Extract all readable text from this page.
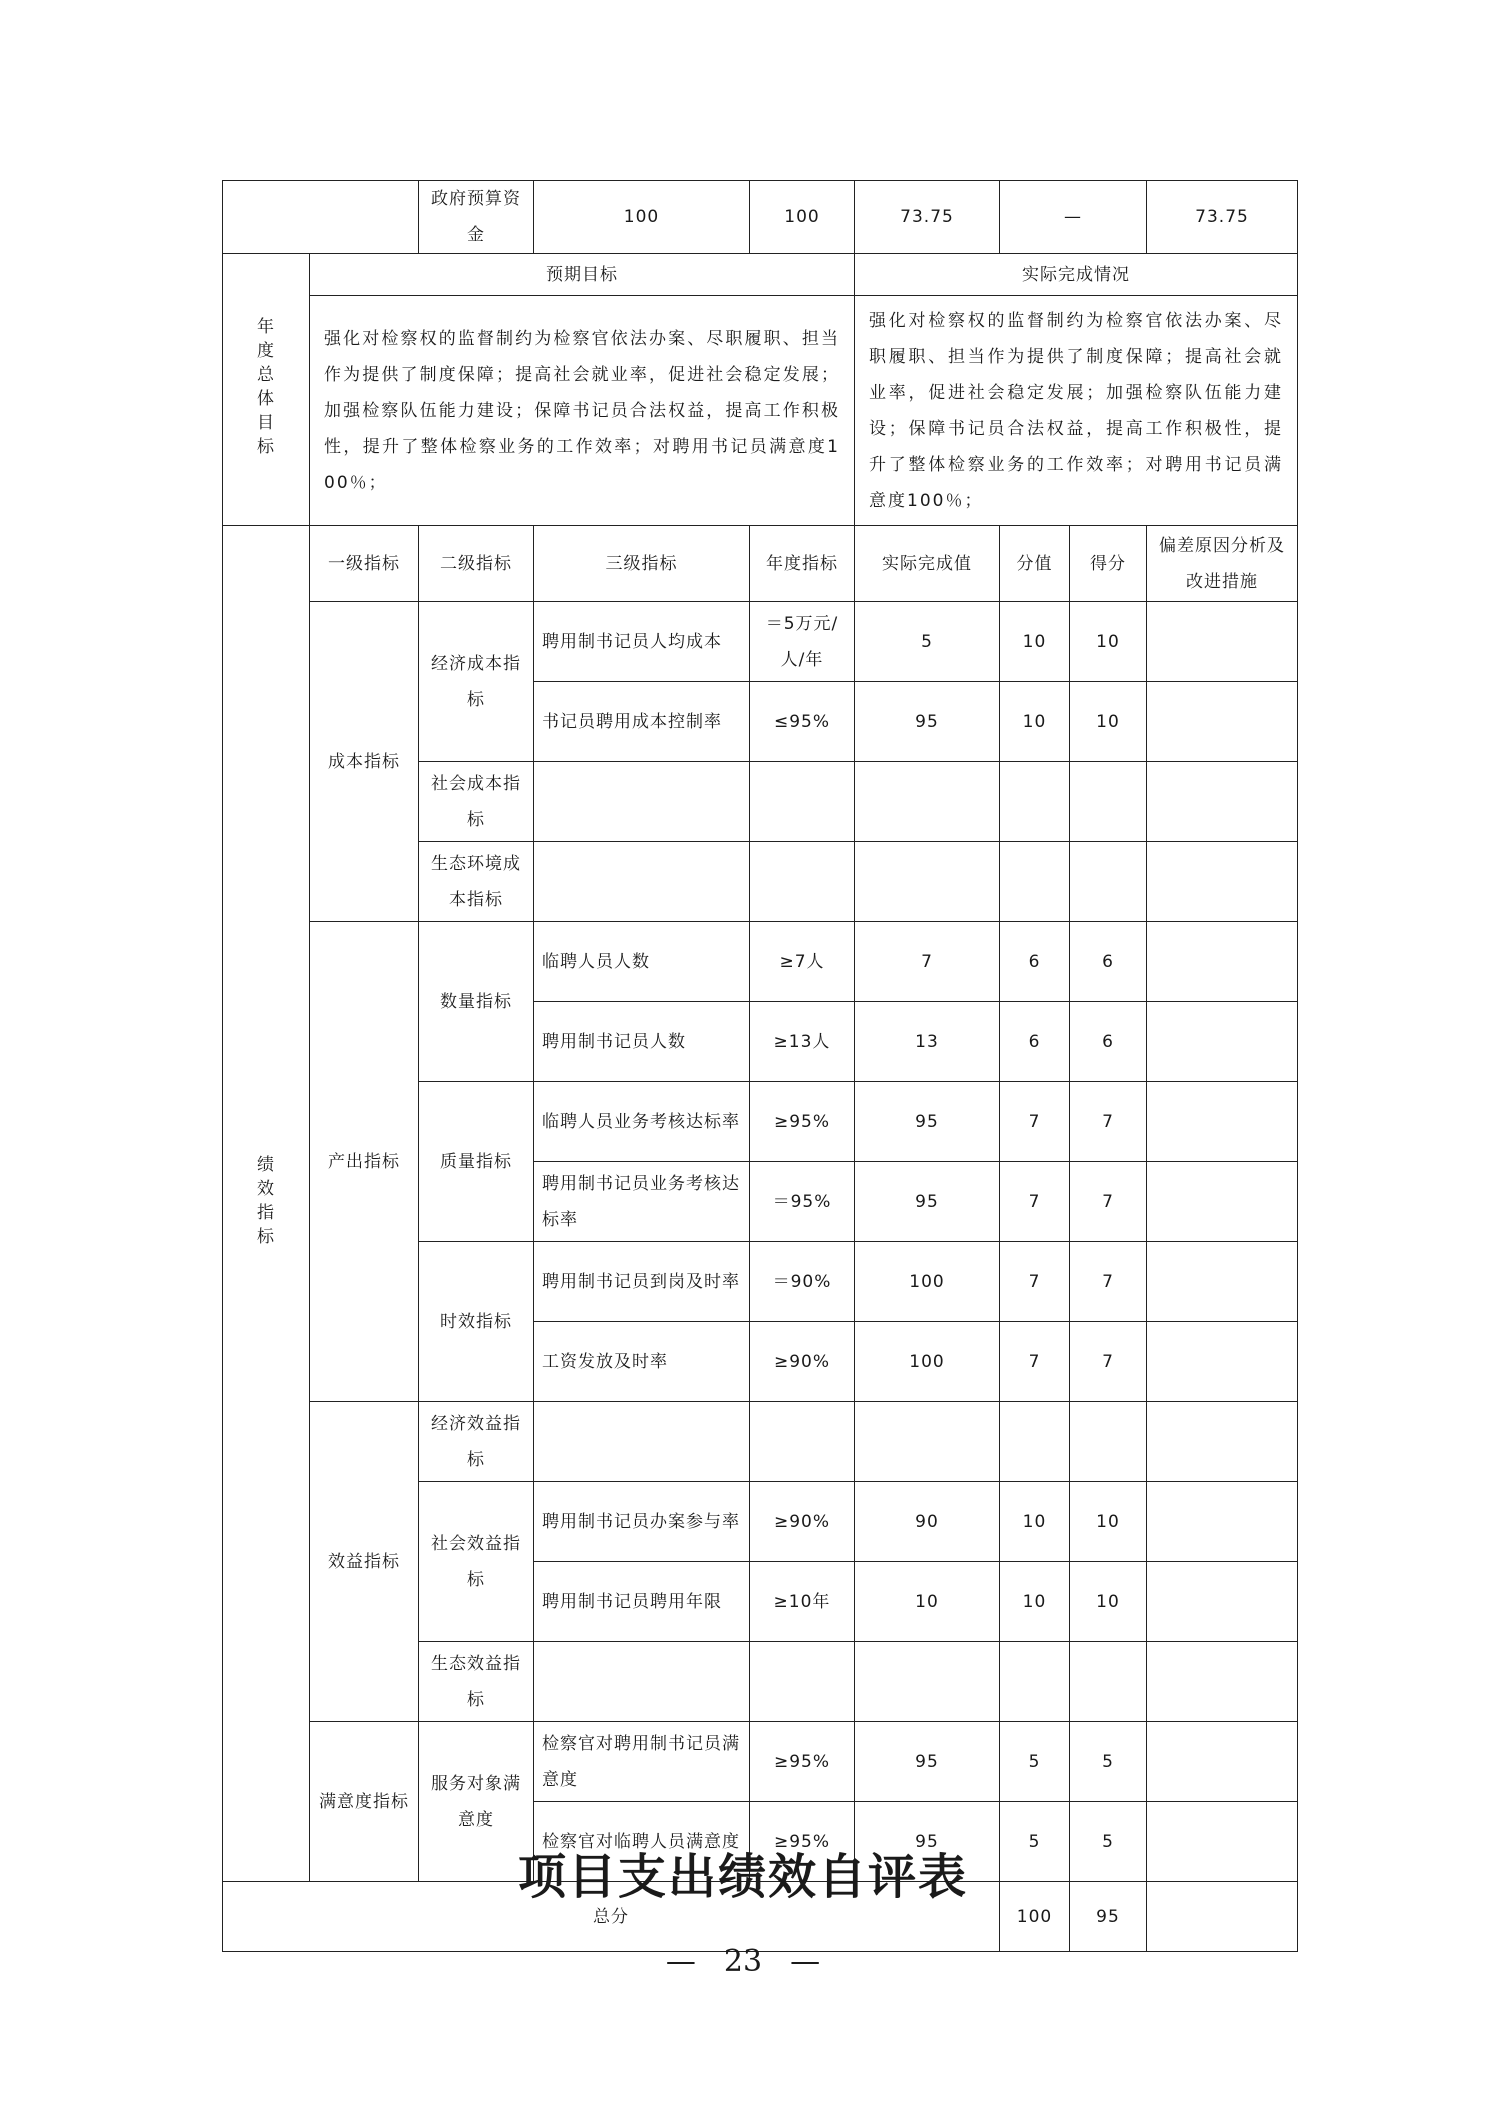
		政府预算资金	100	100	73.75	—		73.75
年度总体目标	预期目标				实际完成情况			
	强化对检察权的监督制约为检察官依法办案、尽职履职、担当作为提供了制度保障；提高社会就业率，促进社会稳定发展；加强检察队伍能力建设；保障书记员合法权益，提高工作积极性，提升了整体检察业务的工作效率；对聘用书记员满意度100％；				强化对检察权的监督制约为检察官依法办案、尽职履职、担当作为提供了制度保障；提高社会就业率，促进社会稳定发展；加强检察队伍能力建设；保障书记员合法权益，提高工作积极性，提升了整体检察业务的工作效率；对聘用书记员满意度100％；			
绩效指标	一级指标	二级指标	三级指标	年度指标	实际完成值	分值	得分	偏差原因分析及改进措施
	成本指标	经济成本指标	聘用制书记员人均成本	＝5万元/人/年	5	10	10	
			书记员聘用成本控制率	≤95%	95	10	10	
		社会成本指标						
		生态环境成本指标						
	产出指标	数量指标	临聘人员人数	≥7人	7	6	6	
			聘用制书记员人数	≥13人	13	6	6	
		质量指标	临聘人员业务考核达标率	≥95%	95	7	7	
			聘用制书记员业务考核达标率	＝95%	95	7	7	
		时效指标	聘用制书记员到岗及时率	＝90%	100	7	7	
			工资发放及时率	≥90%	100	7	7	
	效益指标	经济效益指标						
		社会效益指标	聘用制书记员办案参与率	≥90%	90	10	10	
			聘用制书记员聘用年限	≥10年	10	10	10	
		生态效益指标						
	满意度指标	服务对象满意度	检察官对聘用制书记员满意度	≥95%	95	5	5	
			检察官对临聘人员满意度	≥95%	95	5	5	
总分						100	95	
项目支出绩效自评表
— 23 —
